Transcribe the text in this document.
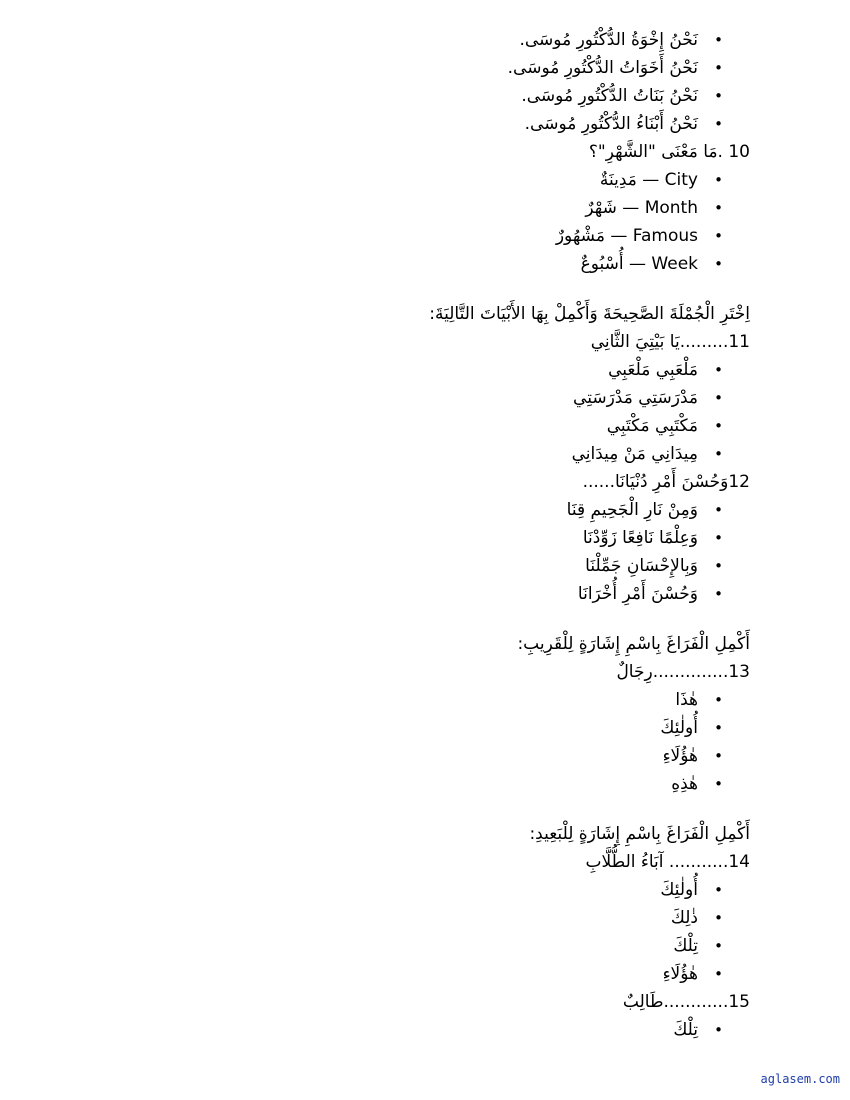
•
نَحْنُ إِخْوَةُ الدُّكْتُورِ مُوسَى.
•
نَحْنُ أَخَوَاتُ الدُّكْتُورِ مُوسَى.
•
نَحْنُ بَنَاتُ الدُّكْتُورِ مُوسَى.
•
نَحْنُ أَبْنَاءُ الدُّكْتُورِ مُوسَى.

10 .مَا مَعْنَى "الشَّهْرِ"؟

•
City — مَدِينَةٌ
•
Month — شَهْرٌ
•
Famous — مَشْهُورٌ
•
Week — أُسْبُوعٌ

اِخْتَرِ الْجُمْلَةَ الصَّحِيحَةَ وَأَكْمِلْ بِهَا الأَبْيَاتَ التَّالِيَةَ:

11.........يَا بَيْتِيَ الثَّانِي

•
مَلْعَبِي مَلْعَبِي
•
مَدْرَسَتِي مَدْرَسَتِي
•
مَكْتَبِي مَكْتَبِي
•
مِيدَانِي مَنْ مِيدَانِي

12وَحُسْنَ أَمْرِ دُنْيَانَا......

•
وَمِنْ نَارِ الْجَحِيمِ قِنَا
•
وَعِلْمًا نَافِعًا زَوِّدْنَا
•
وَبِالإِحْسَانِ جَمِّلْنَا
•
وَحُسْنَ أَمْرِ أُخْرَانَا

أَكْمِلِ الْفَرَاغَ بِاسْمِ إِشَارَةٍ لِلْقَرِيبِ:

13..............رِجَالٌ

•
هٰذَا
•
أُولٰئِكَ
•
هٰؤُلَاءِ
•
هٰذِهِ

أَكْمِلِ الْفَرَاغَ بِاسْمِ إِشَارَةٍ لِلْبَعِيدِ:

14........... آبَاءُ الطُّلَّابِ

•
أُولٰئِكَ
•
ذٰلِكَ
•
تِلْكَ
•
هٰؤُلَاءِ

15............طَالِبٌ

•
تِلْكَ
aglasem.com
